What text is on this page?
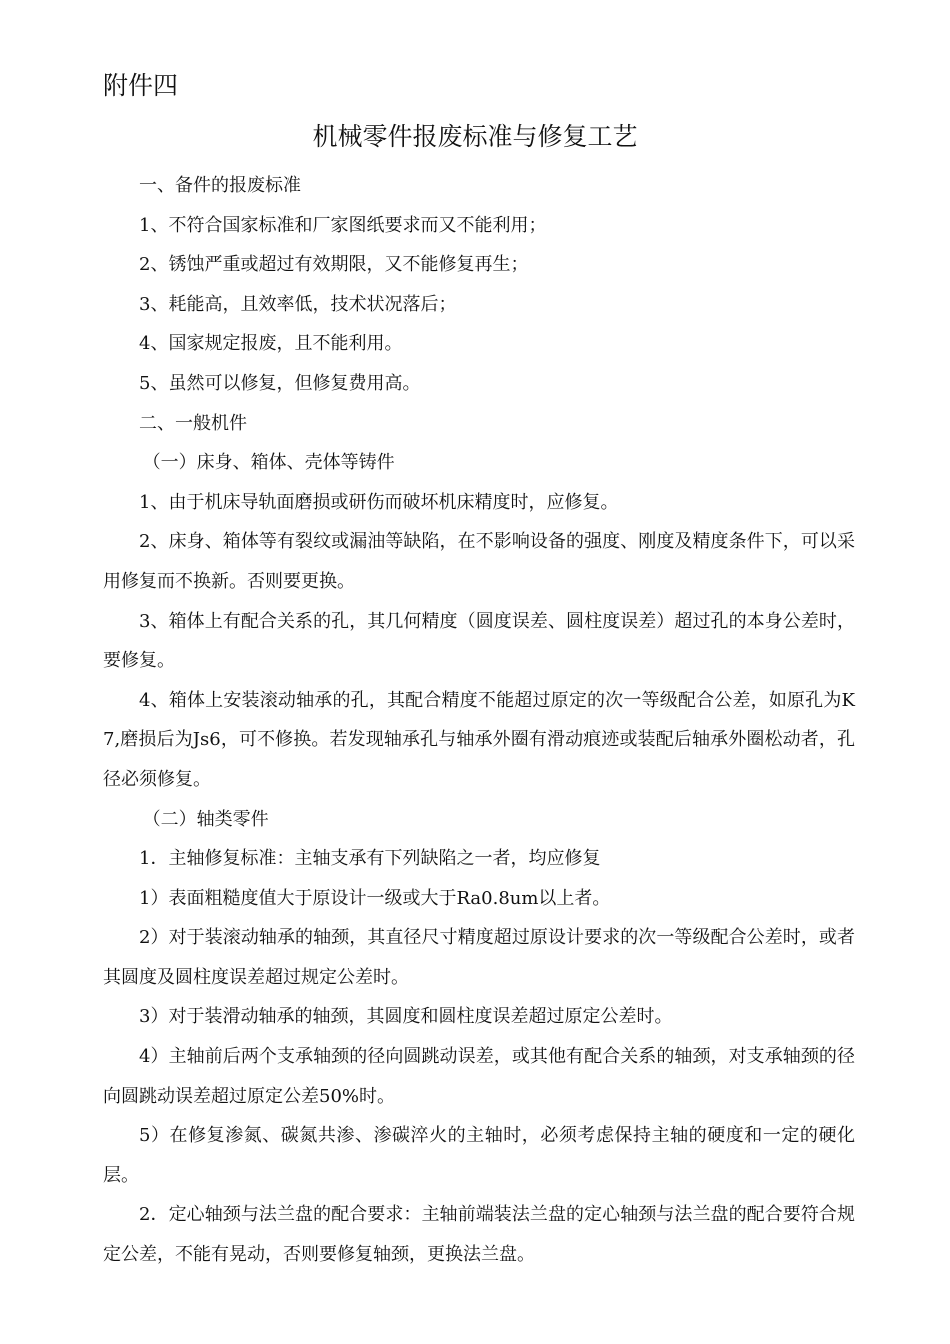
附件四
机械零件报废标准与修复工艺

一、备件的报废标准

1、不符合国家标准和厂家图纸要求而又不能利用；

2、锈蚀严重或超过有效期限，又不能修复再生；

3、耗能高，且效率低，技术状况落后；

4、国家规定报废，且不能利用。

5、虽然可以修复，但修复费用高。

二、一般机件

（一）床身、箱体、壳体等铸件

1、由于机床导轨面磨损或研伤而破坏机床精度时，应修复。

2、床身、箱体等有裂纹或漏油等缺陷，在不影响设备的强度、刚度及精度条件下，可以采用修复而不换新。否则要更换。

3、箱体上有配合关系的孔，其几何精度（圆度误差、圆柱度误差）超过孔的本身公差时，要修复。

4、箱体上安装滚动轴承的孔，其配合精度不能超过原定的次一等级配合公差，如原孔为K7,磨损后为Js6，可不修换。若发现轴承孔与轴承外圈有滑动痕迹或装配后轴承外圈松动者，孔径必须修复。

（二）轴类零件

1．主轴修复标准：主轴支承有下列缺陷之一者，均应修复

1）表面粗糙度值大于原设计一级或大于Ra0.8um以上者。

2）对于装滚动轴承的轴颈，其直径尺寸精度超过原设计要求的次一等级配合公差时，或者其圆度及圆柱度误差超过规定公差时。

3）对于装滑动轴承的轴颈，其圆度和圆柱度误差超过原定公差时。

4）主轴前后两个支承轴颈的径向圆跳动误差，或其他有配合关系的轴颈，对支承轴颈的径向圆跳动误差超过原定公差50%时。

5）在修复渗氮、碳氮共渗、渗碳淬火的主轴时，必须考虑保持主轴的硬度和一定的硬化层。

2．定心轴颈与法兰盘的配合要求：主轴前端装法兰盘的定心轴颈与法兰盘的配合要符合规定公差，不能有晃动，否则要修复轴颈，更换法兰盘。
